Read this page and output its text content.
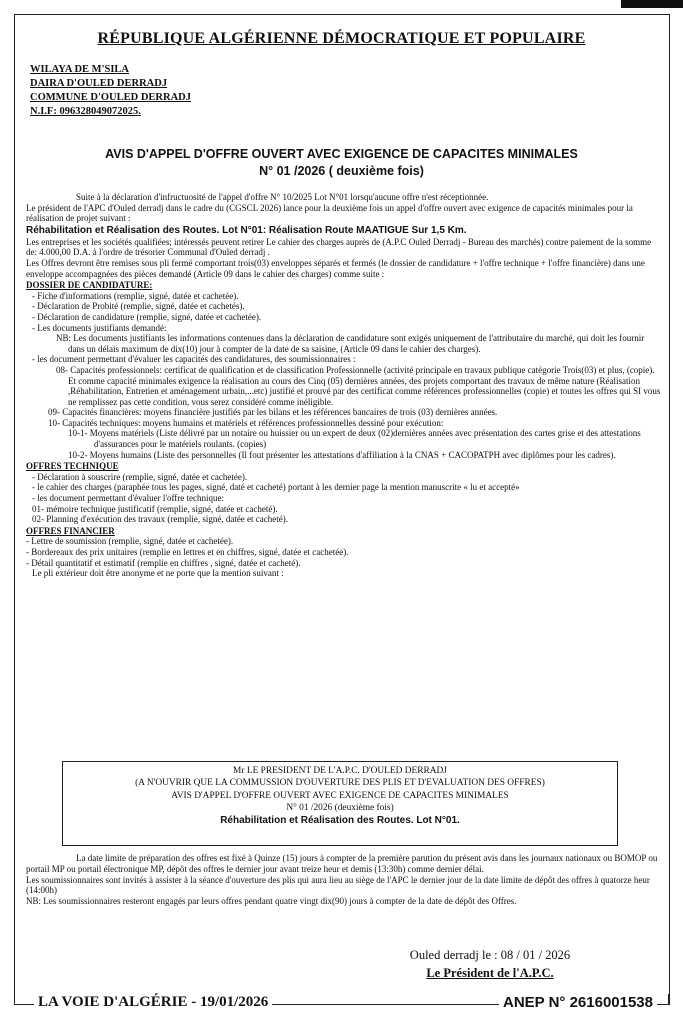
RÉPUBLIQUE ALGÉRIENNE DÉMOCRATIQUE ET POPULAIRE
WILAYA DE M'SILA
DAIRA D'OULED DERRADJ
COMMUNE D'OULED DERRADJ
N.I.F: 096328049072025.
AVIS D'APPEL D'OFFRE OUVERT AVEC EXIGENCE DE CAPACITES MINIMALES
N° 01 /2026 ( deuxième fois)

Suite à la déclaration d'infructuosité de l'appel d'offre N° 10/2025 Lot N°01 lorsqu'aucune offre n'est réceptionnée.

Le président de l'APC d'Ouled derradj dans le cadre du (CGSCL 2026) lance pour la deuxième fois un appel d'offre ouvert avec exigence de capacités minimales pour la réalisation de projet suivant :

Réhabilitation et Réalisation des Routes. Lot N°01: Réalisation Route MAATIGUE Sur 1,5 Km.

Les entreprises et les sociétés qualifiées; intéressés peuvent retirer Le cahier des charges auprès de (A.P.C Ouled Derradj - Bureau des marchés) contre paiement de la somme de: 4.000,00 D.A. à l'ordre de trésorier Communal d'Ouled derradj .

Les Offres devront être remises sous pli fermé comportant trois(03) enveloppes séparés et fermés (le dossier de candidature + l'offre technique + l'offre financière) dans une enveloppe accompagnées des pièces demandé (Article 09 dans le cahier des charges) comme suite :

DOSSIER DE CANDIDATURE:

- Fiche d'informations (remplie, signé, datée et cachetée).

- Déclaration de Probité (remplie, signé, datée et cachetés).

- Déclaration de candidature (remplie, signé, datée et cachetée).

- Les documents justifiants demandé:

NB: Les documents justifiants les informations contenues dans la déclaration de candidature sont exigés uniquement de l'attributaire du marché, qui doit les fournir dans un délais maximum de dix(10) jour à compter de la date de sa saisine, (Article 09 dans le cahier des charges).

- les document permettant d'évaluer les capacités des candidatures, des soumissionnaires :

08- Capacités professionnels: certificat de qualification et de classification Professionnelle (activité principale en travaux publique catégorie Trois(03) et plus, (copie). Et comme capacité minimales exigence la réalisation au cours des Cinq (05) dernières années, des projets comportant des travaux de même nature (Réalisation ,Réhabilitation, Entretien et aménagement urbain,...etc) justifié et prouvé par des certificat comme références professionnelles (copie) et toutes les offres qui SI vous ne remplissez pas cette condition, vous serez considéré comme inéligible.

09- Capacités financières: moyens financière justifiés par les bilans et les références bancaires de trois (03) dernières années.

10- Capacités techniques: moyens humains et matériels et références professionnelles dessiné pour exécution:

10-1- Moyens matériels (Liste délivré par un notaire ou huissier ou un expert de deux (02)dernières années avec présentation des cartes grise et des attestations d'assurances pour le matériels roulants. (copies)

10-2- Moyens humains (Liste des personnelles (Il fout présenter les attestations d'affiliation à la CNAS + CACOPATPH avec diplômes pour les cadres).

OFFRES TECHNIQUE

- Déclaration à souscrire (remplie, signé, datée et cachetée).

- le cahier des charges (paraphée tous les pages, signé, daté et cacheté) portant à les dernier page la mention manuscrite « lu et accepté»

- les document permettant d'évaluer l'offre technique:

01- mémoire technique justificatif (remplie, signé, datée et cacheté).

02- Planning d'exécution des travaux (remplie, signé, datée et cacheté).

OFFRES FINANCIER

- Lettre de soumission (remplie, signé, datée et cachetée).

- Bordereaux des prix unitaires (remplie en lettres et en chiffres, signé, datée et cachetée).

- Détail quantitatif et estimatif (remplie en chiffres , signé, datée et cacheté).

Le pli extérieur doit être anonyme et ne porte que la mention suivant :

Mr LE PRESIDENT DE L'A.P.C. D'OULED DERRADJ
(A N'OUVRIR QUE LA COMMUSSION D'OUVERTURE DES PLIS ET D'EVALUATION DES OFFRES)
AVIS D'APPEL D'OFFRE OUVERT AVEC EXIGENCE DE CAPACITES MINIMALES
N° 01 /2026 (deuxième fois)
Réhabilitation et Réalisation des Routes. Lot N°01.

La date limite de préparation des offres est fixé à Quinze (15) jours à compter de la première parution du présent avis dans les journaux nationaux ou BOMOP ou portail MP ou portail électronique MP, dépôt des offres le dernier jour avant treize heur et demis (13:30h) comme dernier délai.

Les soumissionnaires sont invités à assister à la séance d'ouverture des plis qui aura lieu au siège de l'APC le dernier jour de la date limite de dépôt des offres à quatorze heur (14:00h)

NB: Les soumissionnaires resteront engagés par leurs offres pendant quatre vingt dix(90) jours à compter de la date de dépôt des Offres.

Ouled derradj le : 08 / 01 / 2026
Le Président de l'A.P.C.
LA VOIE D'ALGÉRIE - 19/01/2026	ANEP N° 2616001538
